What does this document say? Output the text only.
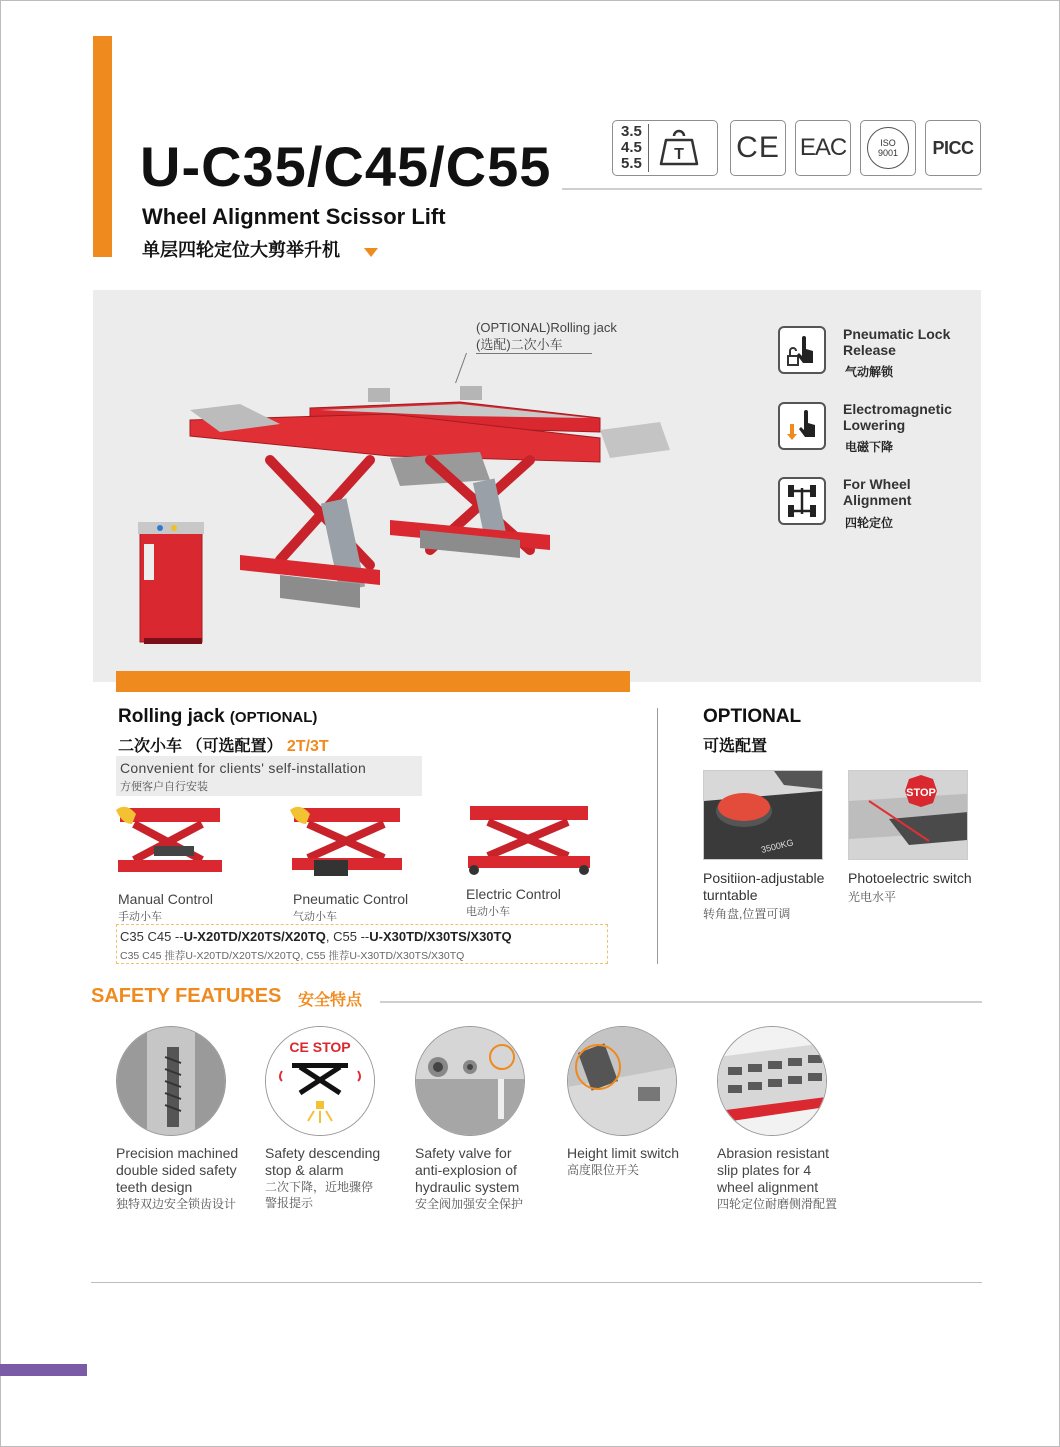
U-C35/C45/C55
Wheel Alignment Scissor Lift
单层四轮定位大剪举升机
3.5
4.5
5.5
T CE EAC	ISO
9001 PICC
(OPTIONAL)Rolling jack
(选配)二次小车
Pneumatic Lock
Release
气动解锁
Electromagnetic
Lowering
电磁下降
For Wheel
Alignment
四轮定位
Rolling jack (OPTIONAL)
二次小车 （可选配置） 2T/3T
Convenient for clients' self-installation
方便客户自行安装
Manual Control
手动小车
Pneumatic Control
气动小车
Electric Control
电动小车
C35 C45 --U-X20TD/X20TS/X20TQ, C55 --U-X30TD/X30TS/X30TQ
C35 C45 推荐U-X20TD/X20TS/X20TQ, C55 推荐U-X30TD/X30TS/X30TQ
OPTIONAL
可选配置
3500KG
STOP
Positiion-adjustable
turntable
转角盘,位置可调
Photoelectric switch
光电水平
SAFETY FEATURES 安全特点
CE STOP
Precision machined
double sided safety
teeth design
独特双边安全锁齿设计
Safety descending
stop & alarm
二次下降，近地骤停
警报提示
Safety valve for
anti-explosion of
hydraulic system
安全阀加强安全保护
Height limit switch
高度限位开关
Abrasion resistant
slip plates for 4
wheel alignment
四轮定位耐磨侧滑配置
